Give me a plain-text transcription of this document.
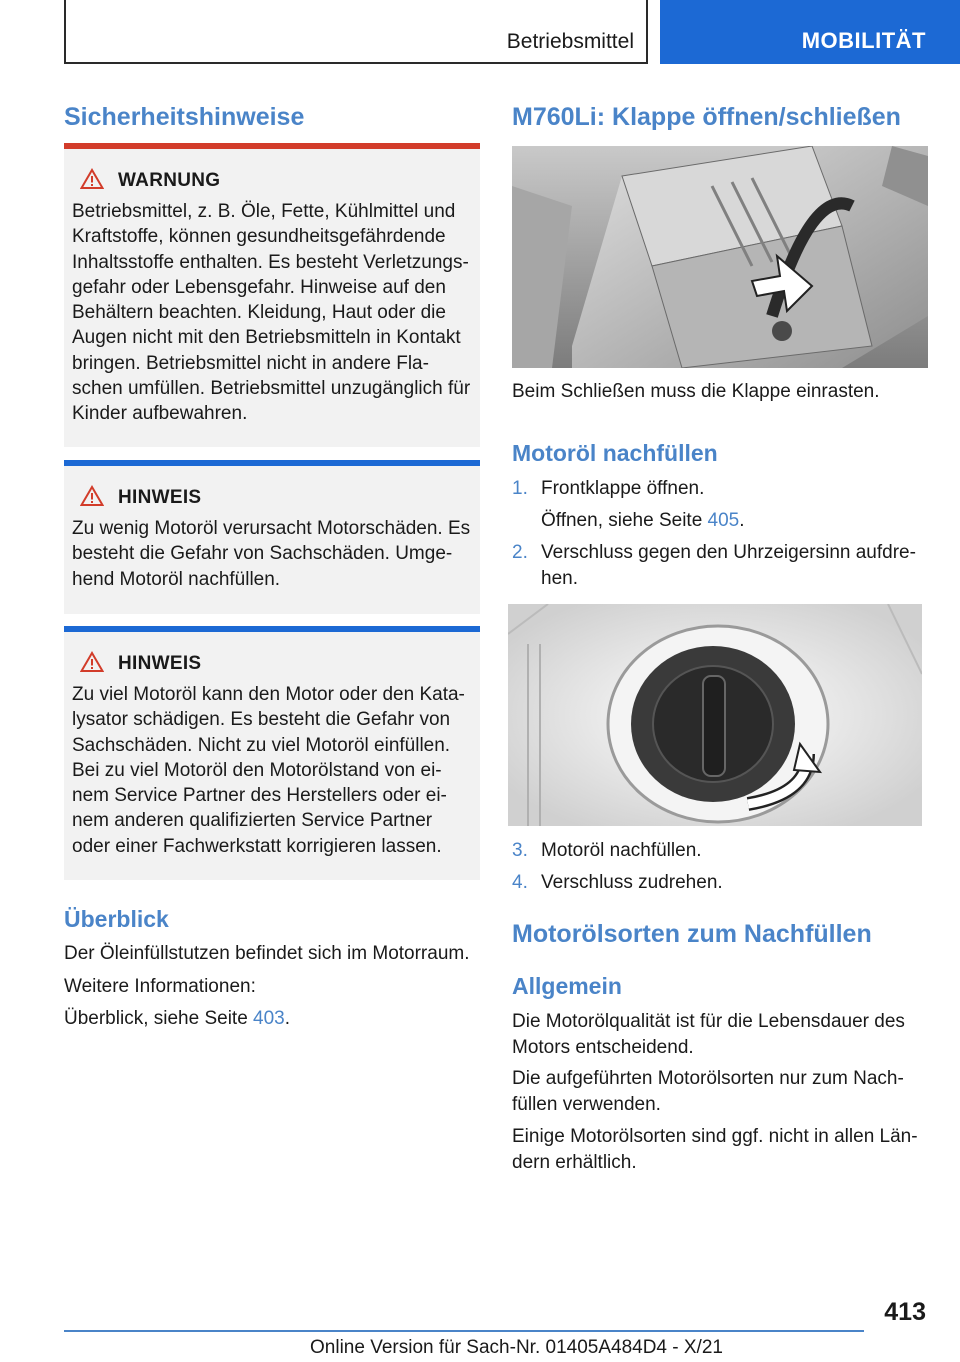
Betriebsmittel	MOBILITÄT
Sicherheitshinweise
WARNUNG
Betriebsmittel, z. B. Öle, Fette, Kühlmittel und Kraftstoffe, können gesundheitsgefährdende Inhaltsstoffe enthalten. Es besteht Verletzungs-gefahr oder Lebensgefahr. Hinweise auf den Behältern beachten. Kleidung, Haut oder die Augen nicht mit den Betriebsmitteln in Kontakt bringen. Betriebsmittel nicht in andere Fla-schen umfüllen. Betriebsmittel unzugänglich für Kinder aufbewahren.
HINWEIS
Zu wenig Motoröl verursacht Motorschäden. Es besteht die Gefahr von Sachschäden. Umge-hend Motoröl nachfüllen.
HINWEIS
Zu viel Motoröl kann den Motor oder den Kata-lysator schädigen. Es besteht die Gefahr von Sachschäden. Nicht zu viel Motoröl einfüllen. Bei zu viel Motoröl den Motorölstand von ei-nem Service Partner des Herstellers oder ei-nem anderen qualifizierten Service Partner oder einer Fachwerkstatt korrigieren lassen.
Überblick
Der Öleinfüllstutzen befindet sich im Motorraum.
Weitere Informationen:
Überblick, siehe Seite 403.
M760Li: Klappe öffnen/schließen
Beim Schließen muss die Klappe einrasten.
Motoröl nachfüllen
1. Frontklappe öffnen.
Öffnen, siehe Seite 405.
2. Verschluss gegen den Uhrzeigersinn aufdre-hen.
3. Motoröl nachfüllen.
4. Verschluss zudrehen.
Motorölsorten zum Nachfüllen
Allgemein
Die Motorölqualität ist für die Lebensdauer des Motors entscheidend.
Die aufgeführten Motorölsorten nur zum Nach-füllen verwenden.
Einige Motorölsorten sind ggf. nicht in allen Län-dern erhältlich.
413
Online Version für Sach-Nr. 01405A484D4 - X/21
